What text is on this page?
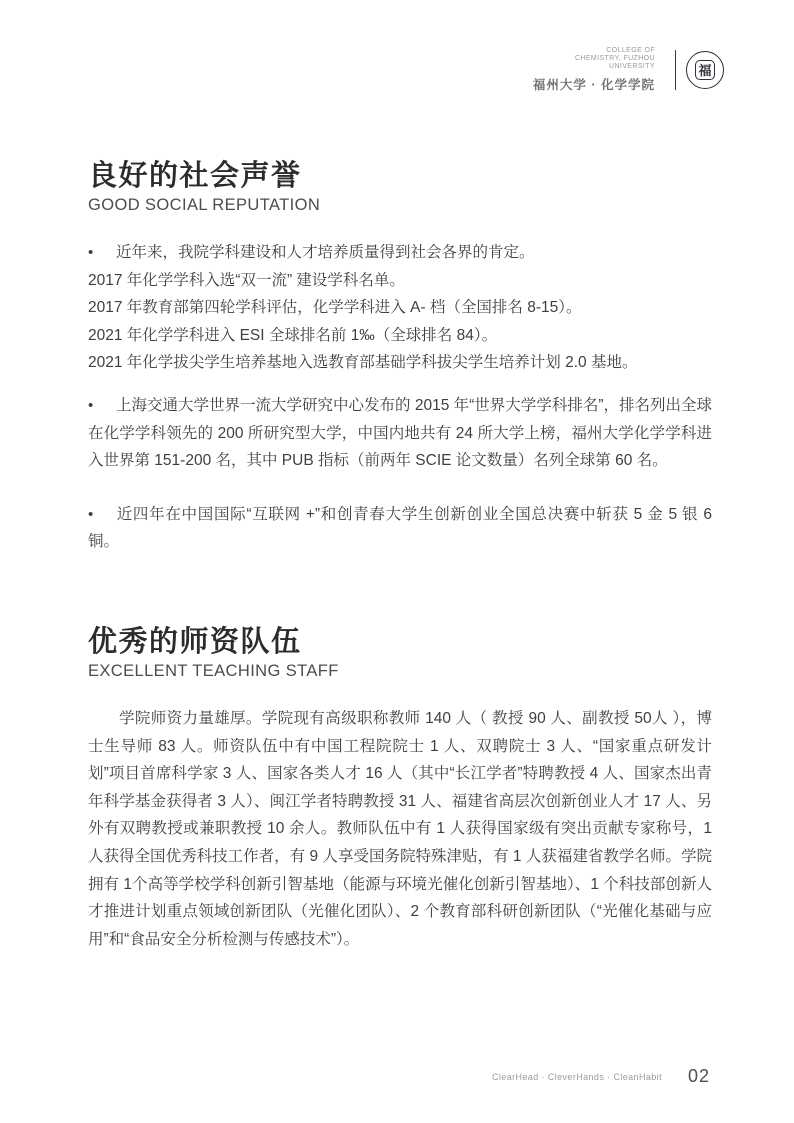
COLLEGE OF
CHEMISTRY, FUZHOU
UNIVERSITY
福州大学 · 化学学院
福
良好的社会声誉
GOOD SOCIAL REPUTATION

• 近年来，我院学科建设和人才培养质量得到社会各界的肯定。

2017 年化学学科入选“双一流” 建设学科名单。
2017 年教育部第四轮学科评估，化学学科进入 A- 档（全国排名 8-15）。
2021 年化学学科进入 ESI 全球排名前 1‰（全球排名 84）。
2021 年化学拔尖学生培养基地入选教育部基础学科拔尖学生培养计划 2.0 基地。

• 上海交通大学世界一流大学研究中心发布的 2015 年“世界大学学科排名”，排名列出全球在化学学科领先的 200 所研究型大学，中国内地共有 24 所大学上榜，福州大学化学学科进入世界第 151-200 名，其中 PUB 指标（前两年 SCIE 论文数量）名列全球第 60 名。

• 近四年在中国国际“互联网 +”和创青春大学生创新创业全国总决赛中斩获 5 金 5 银 6 铜。

优秀的师资队伍
EXCELLENT TEACHING STAFF

学院师资力量雄厚。学院现有高级职称教师 140 人（ 教授 90 人、副教授 50人 ），博士生导师 83 人。师资队伍中有中国工程院院士 1 人、双聘院士 3 人、“国家重点研发计划”项目首席科学家 3 人、国家各类人才 16 人（其中“长江学者”特聘教授 4 人、国家杰出青年科学基金获得者 3 人）、闽江学者特聘教授 31 人、福建省高层次创新创业人才 17 人、另外有双聘教授或兼职教授 10 余人。教师队伍中有 1 人获得国家级有突出贡献专家称号，1 人获得全国优秀科技工作者，有 9 人享受国务院特殊津贴，有 1 人获福建省教学名师。学院拥有 1个高等学校学科创新引智基地（能源与环境光催化创新引智基地）、1 个科技部创新人才推进计划重点领域创新团队（光催化团队）、2 个教育部科研创新团队（“光催化基础与应用”和“食品安全分析检测与传感技术”）。

ClearHead · CleverHands · CleanHabit 02
